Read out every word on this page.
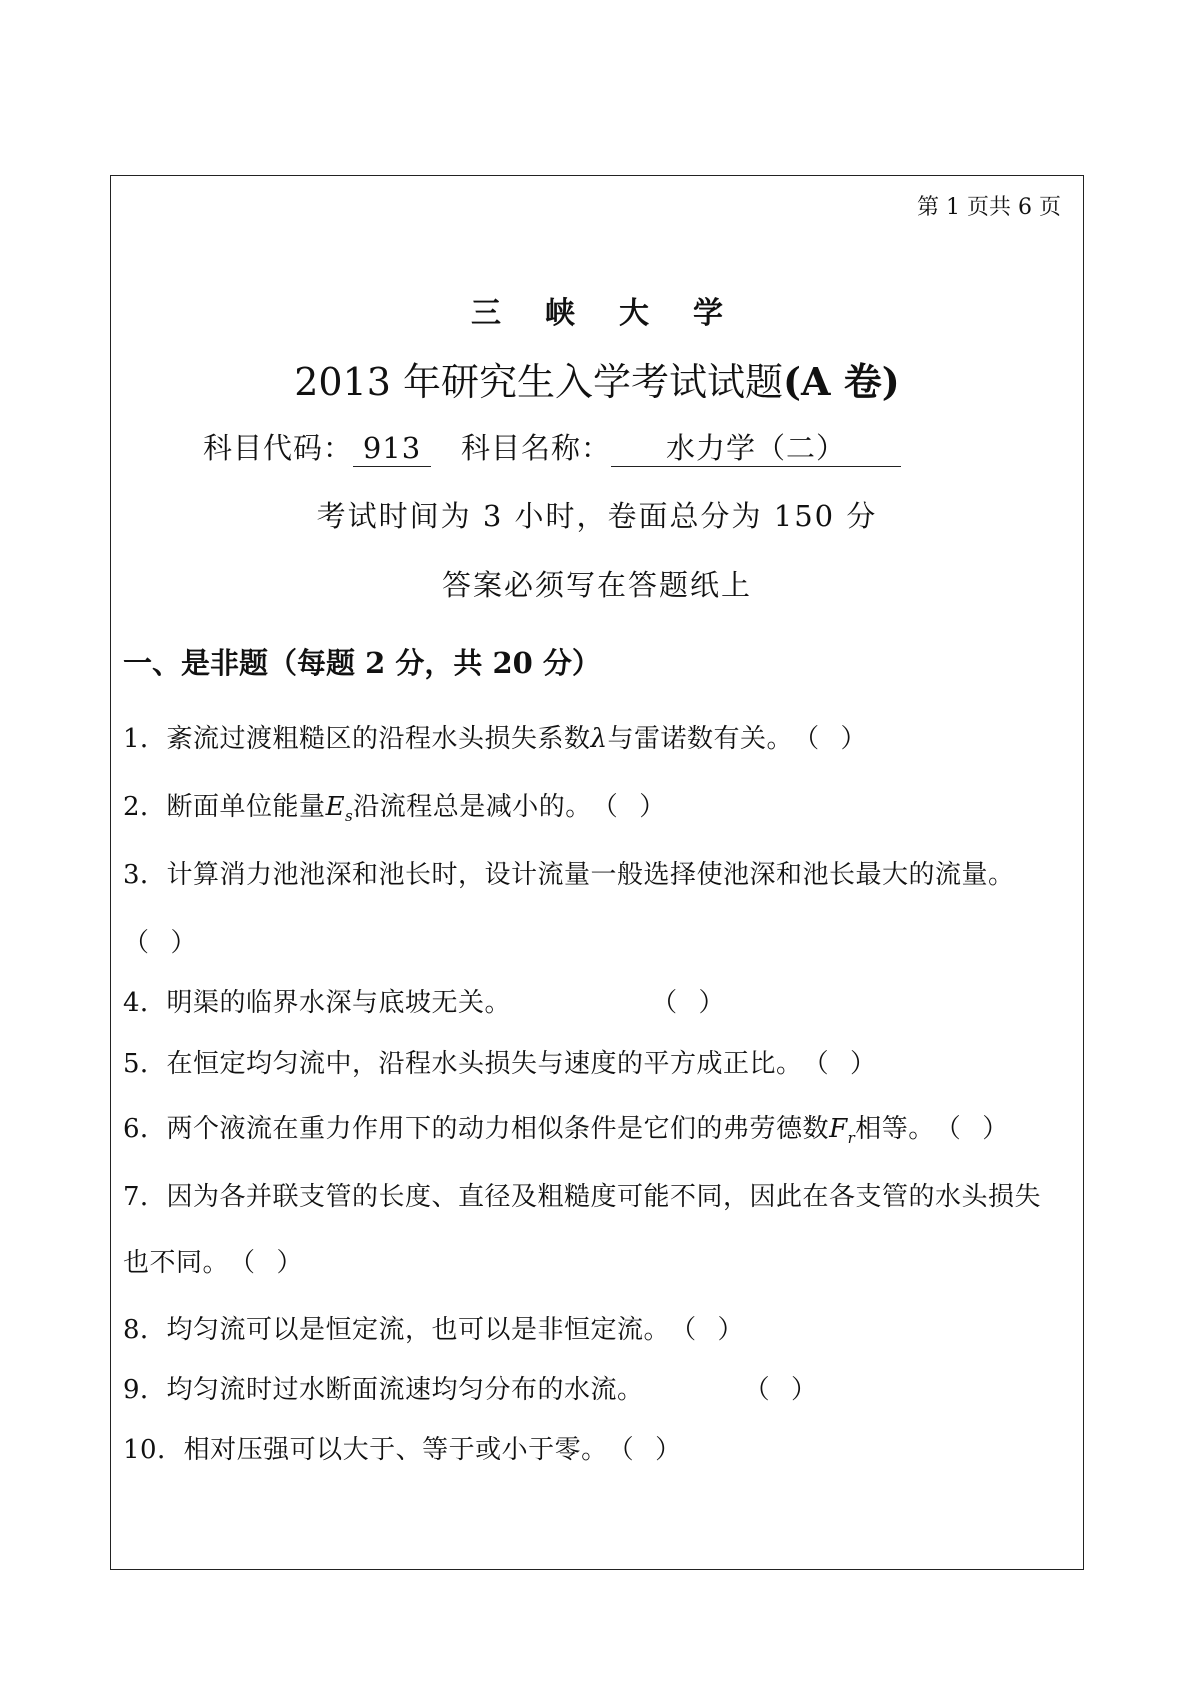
第 1 页共 6 页
三峡大学
2013 年研究生入学考试试题(A 卷)
科目代码： 913 科目名称： 水力学（二）
考试时间为 3 小时，卷面总分为 150 分
答案必须写在答题纸上
一、是非题（每题 2 分，共 20 分）
1．紊流过渡粗糙区的沿程水头损失系数λ与雷诺数有关。（ ）
2．断面单位能量$E_s$沿流程总是减小的。（ ）
3．计算消力池池深和池长时，设计流量一般选择使池深和池长最大的流量。
（ ）
4．明渠的临界水深与底坡无关。	（ ）
5．在恒定均匀流中，沿程水头损失与速度的平方成正比。（ ）
6．两个液流在重力作用下的动力相似条件是它们的弗劳德数$F_r$相等。（ ）
7．因为各并联支管的长度、直径及粗糙度可能不同，因此在各支管的水头损失
也不同。（ ）
8．均匀流可以是恒定流，也可以是非恒定流。（ ）
9．均匀流时过水断面流速均匀分布的水流。	（ ）
10．相对压强可以大于、等于或小于零。（ ）
